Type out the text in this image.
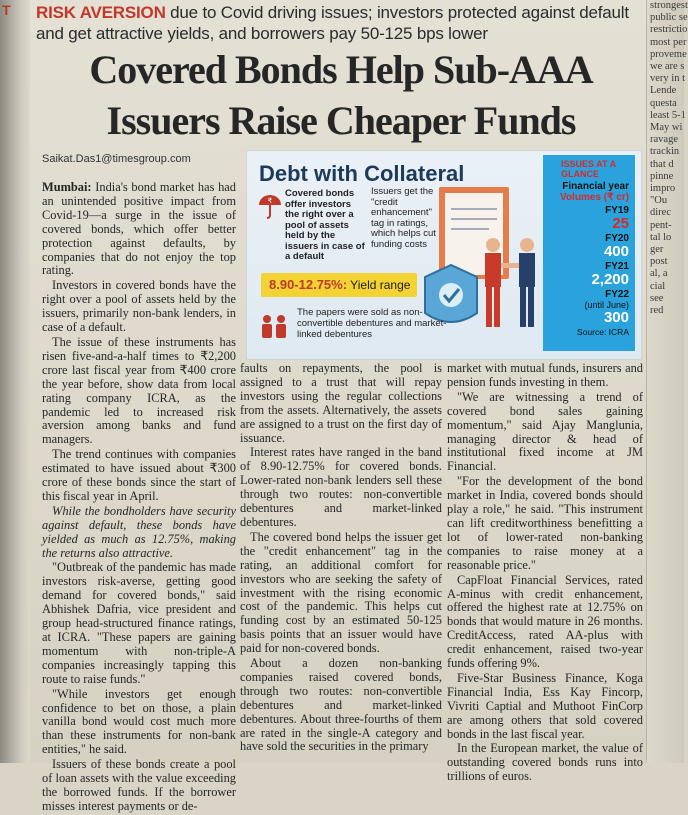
T	strongest
public se
restrictio
most per
proveme
we are s
very in t
Lende
questa
least 5-1
May wi
ravage
trackin
that d
pinne
impro
"Ou
direc
pent-
tal lo
ger
post
al, a
cial
see
red
RISK AVERSION due to Covid driving issues; investors protected against default and get attractive yields, and borrowers pay 50-125 bps lower
Covered Bonds Help Sub-AAA
Issuers Raise Cheaper Funds
Saikat.Das1@timesgroup.com

Mumbai: India's bond market has had an unintended positive impact from Covid-19—a surge in the issue of covered bonds, which offer better protection against defaults, by companies that do not enjoy the top rating.

Investors in covered bonds have the right over a pool of assets held by the issuers, primarily non-bank lenders, in case of a default.

The issue of these instruments has risen five-and-a-half times to ₹2,200 crore last fiscal year from ₹400 crore the year before, show data from local rating company ICRA, as the pandemic led to increased risk aversion among banks and fund managers.

The trend continues with companies estimated to have issued about ₹300 crore of these bonds since the start of this fiscal year in April.

While the bondholders have security against default, these bonds have yielded as much as 12.75%, making the returns also attractive.

"Outbreak of the pandemic has made investors risk-averse, getting good demand for covered bonds," said Abhishek Dafria, vice president and group head-structured finance ratings, at ICRA. "These papers are gaining momentum with non-triple-A companies increasingly tapping this route to raise funds."

"While investors get enough confidence to bet on those, a plain vanilla bond would cost much more than these instruments for non-bank entities," he said.

Issuers of these bonds create a pool of loan assets with the value exceeding the borrowed funds. If the borrower misses interest payments or de-

faults on repayments, the pool is assigned to a trust that will repay investors using the regular collections from the assets. Alternatively, the assets are assigned to a trust on the first day of issuance.

Interest rates have ranged in the band of 8.90-12.75% for covered bonds. Lower-rated non-bank lenders sell these through two routes: non-convertible debentures and market-linked debentures.

The covered bond helps the issuer get the "credit enhancement" tag in the rating, an additional comfort for investors who are seeking the safety of investment with the rising economic cost of the pandemic. This helps cut funding cost by an estimated 50-125 basis points that an issuer would have paid for non-covered bonds.

About a dozen non-banking companies raised covered bonds, through two routes: non-convertible debentures and market-linked debentures. About three-fourths of them are rated in the single-A category and have sold the securities in the primary

market with mutual funds, insurers and pension funds investing in them.

"We are witnessing a trend of covered bond sales gaining momentum," said Ajay Manglunia, managing director & head of institutional fixed income at JM Financial.

"For the development of the bond market in India, covered bonds should play a role," he said. "This instrument can lift creditworthiness benefitting a lot of lower-rated non-banking companies to raise money at a reasonable price."

CapFloat Financial Services, rated A-minus with credit enhancement, offered the highest rate at 12.75% on bonds that would mature in 26 months. CreditAccess, rated AA-plus with credit enhancement, raised two-year funds offering 9%.

Five-Star Business Finance, Koga Financial India, Ess Kay Fincorp, Vivriti Captial and Muthoot FinCorp are among others that sold covered bonds in the last fiscal year.

In the European market, the value of outstanding covered bonds runs into trillions of euros.

Debt with Collateral
₹
Covered bonds offer investors the right over a pool of assets held by the issuers in case of a default
Issuers get the "credit enhancement" tag in ratings, which helps cut funding costs
8.90-12.75%: Yield range
The papers were sold as non-convertible debentures and market-linked debentures
ISSUES AT A GLANCE
Financial year
Volumes (₹ cr)
FY19
25
FY20
400
FY21
2,200
FY22
(until June)
300
Source: ICRA
